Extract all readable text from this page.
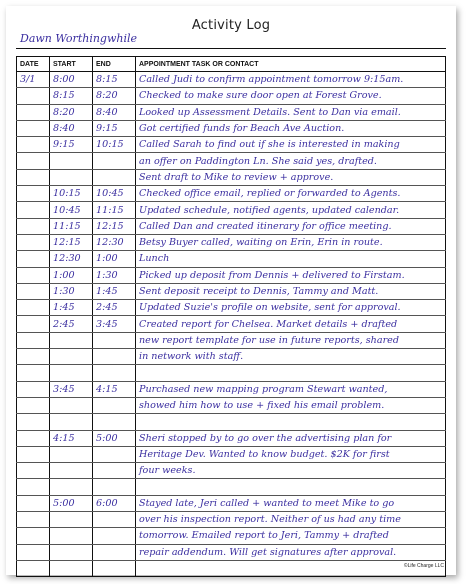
Activity Log
Dawn Worthingwhile
DATE	START	END	APPOINTMENT TASK OR CONTACT
3/1	8:00	8:15	Called Judi to confirm appointment tomorrow 9:15am.
	8:15	8:20	Checked to make sure door open at Forest Grove.
	8:20	8:40	Looked up Assessment Details. Sent to Dan via email.
	8:40	9:15	Got certified funds for Beach Ave Auction.
	9:15	10:15	Called Sarah to find out if she is interested in making
			an offer on Paddington Ln. She said yes, drafted.
			Sent draft to Mike to review + approve.
	10:15	10:45	Checked office email, replied or forwarded to Agents.
	10:45	11:15	Updated schedule, notified agents, updated calendar.
	11:15	12:15	Called Dan and created itinerary for office meeting.
	12:15	12:30	Betsy Buyer called, waiting on Erin, Erin in route.
	12:30	1:00	Lunch
	1:00	1:30	Picked up deposit from Dennis + delivered to Firstam.
	1:30	1:45	Sent deposit receipt to Dennis, Tammy and Matt.
	1:45	2:45	Updated Suzie's profile on website, sent for approval.
	2:45	3:45	Created report for Chelsea. Market details + drafted
			new report template for use in future reports, shared
			in network with staff.

	3:45	4:15	Purchased new mapping program Stewart wanted,
			showed him how to use + fixed his email problem.

	4:15	5:00	Sheri stopped by to go over the advertising plan for
			Heritage Dev. Wanted to know budget. $2K for first
			four weeks.

	5:00	6:00	Stayed late, Jeri called + wanted to meet Mike to go
			over his inspection report. Neither of us had any time
			tomorrow. Emailed report to Jeri, Tammy + drafted
			repair addendum. Will get signatures after approval.

©Life Charge LLC
